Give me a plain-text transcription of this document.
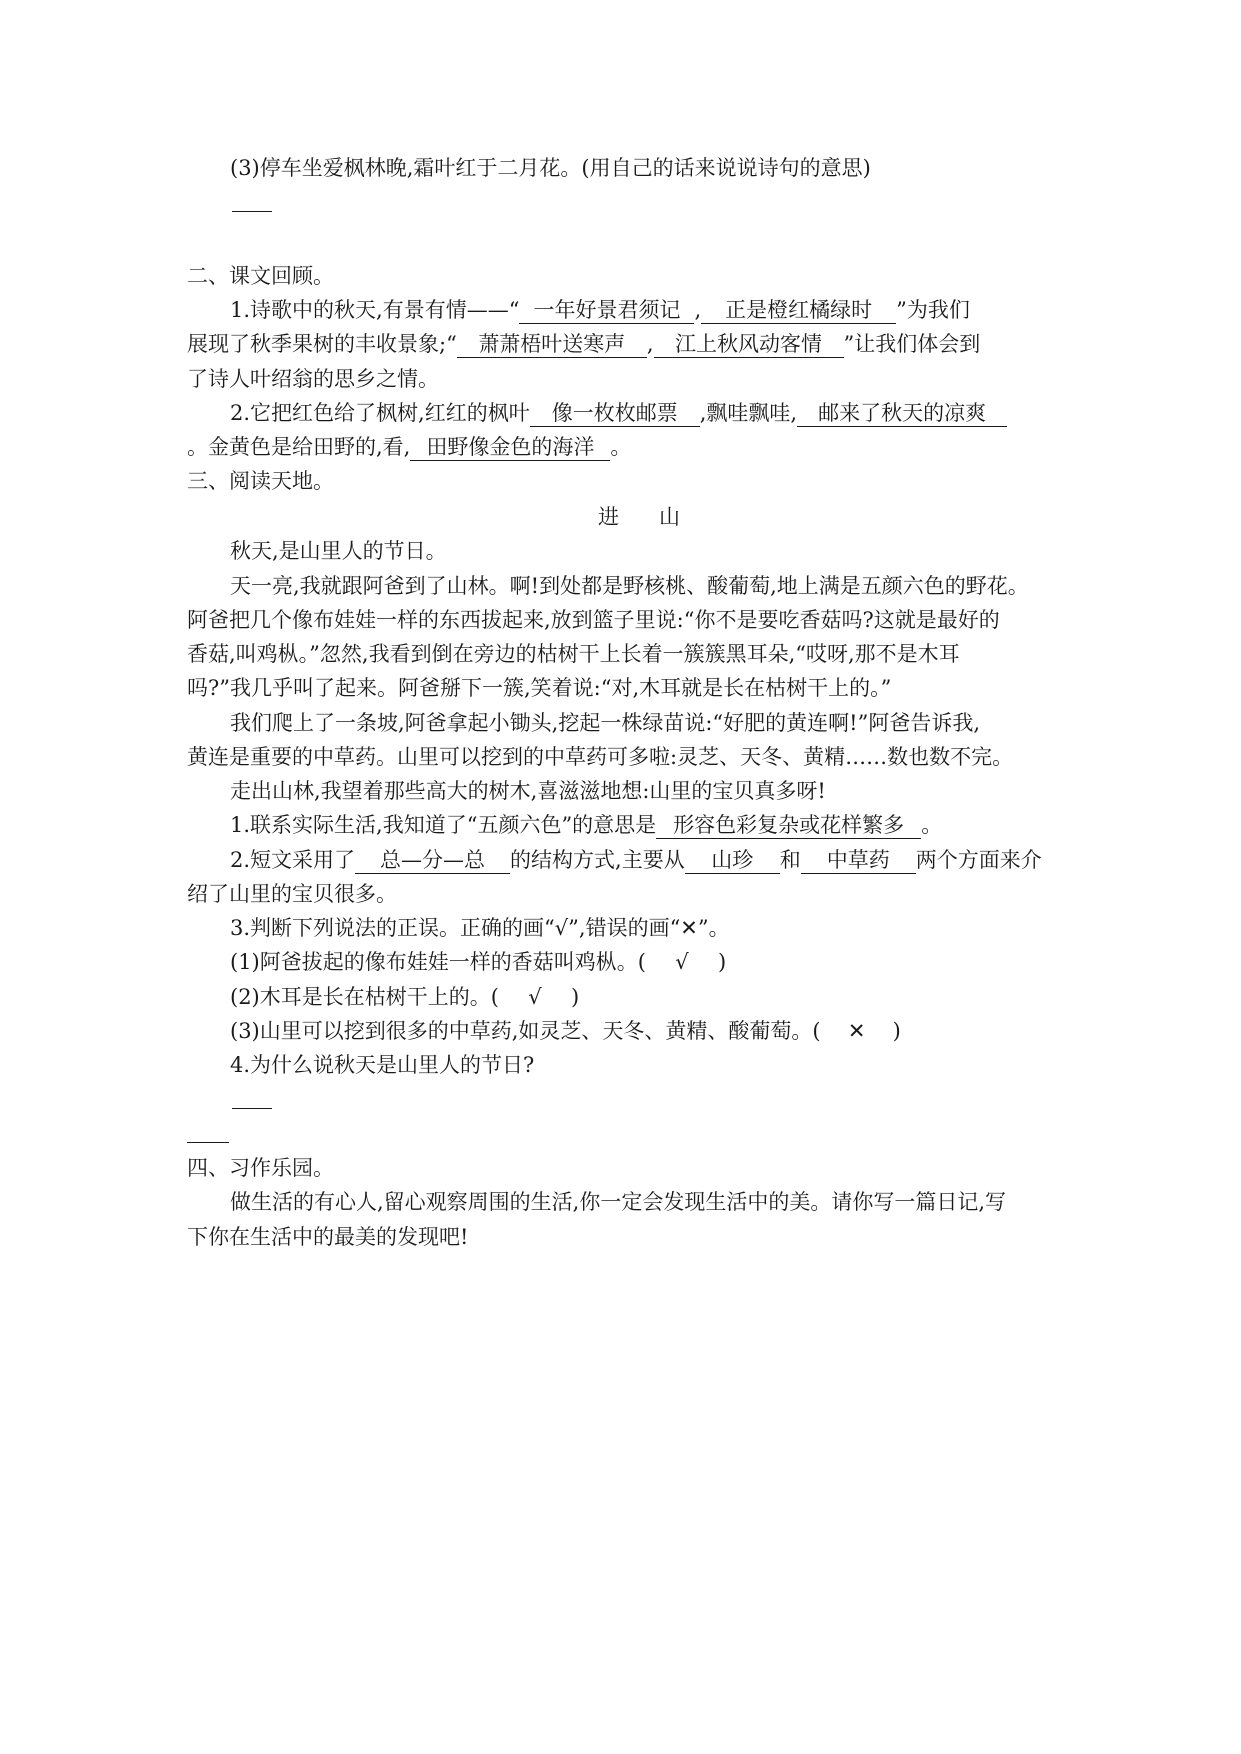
(3)停车坐爱枫林晚,霜叶红于二月花。(用自己的话来说说诗句的意思)
二、课文回顾。
1.诗歌中的秋天,有景有情——“ 一年好景君须记 , 正是橙红橘绿时 ”为我们
展现了秋季果树的丰收景象;“ 萧萧梧叶送寒声 , 江上秋风动客情 ”让我们体会到
了诗人叶绍翁的思乡之情。
2.它把红色给了枫树,红红的枫叶 像一枚枚邮票 ,飘哇飘哇, 邮来了秋天的凉爽
。金黄色是给田野的,看, 田野像金色的海洋 。
三、阅读天地。
进山
秋天,是山里人的节日。
天一亮,我就跟阿爸到了山林。啊!到处都是野核桃、酸葡萄,地上满是五颜六色的野花。
阿爸把几个像布娃娃一样的东西拔起来,放到篮子里说:“你不是要吃香菇吗?这就是最好的
香菇,叫鸡枞。”忽然,我看到倒在旁边的枯树干上长着一簇簇黑耳朵,“哎呀,那不是木耳
吗?”我几乎叫了起来。阿爸掰下一簇,笑着说:“对,木耳就是长在枯树干上的。”
我们爬上了一条坡,阿爸拿起小锄头,挖起一株绿苗说:“好肥的黄连啊!”阿爸告诉我,
黄连是重要的中草药。山里可以挖到的中草药可多啦:灵芝、天冬、黄精……数也数不完。
走出山林,我望着那些高大的树木,喜滋滋地想:山里的宝贝真多呀!
1.联系实际生活,我知道了“五颜六色”的意思是 形容色彩复杂或花样繁多 。
2.短文采用了 总—分—总 的结构方式,主要从 山珍 和 中草药 两个方面来介
绍了山里的宝贝很多。
3.判断下列说法的正误。正确的画“√”,错误的画“✕”。
(1)阿爸拔起的像布娃娃一样的香菇叫鸡枞。( √ )
(2)木耳是长在枯树干上的。( √ )
(3)山里可以挖到很多的中草药,如灵芝、天冬、黄精、酸葡萄。( ✕ )
4.为什么说秋天是山里人的节日?
四、习作乐园。
做生活的有心人,留心观察周围的生活,你一定会发现生活中的美。请你写一篇日记,写
下你在生活中的最美的发现吧!
